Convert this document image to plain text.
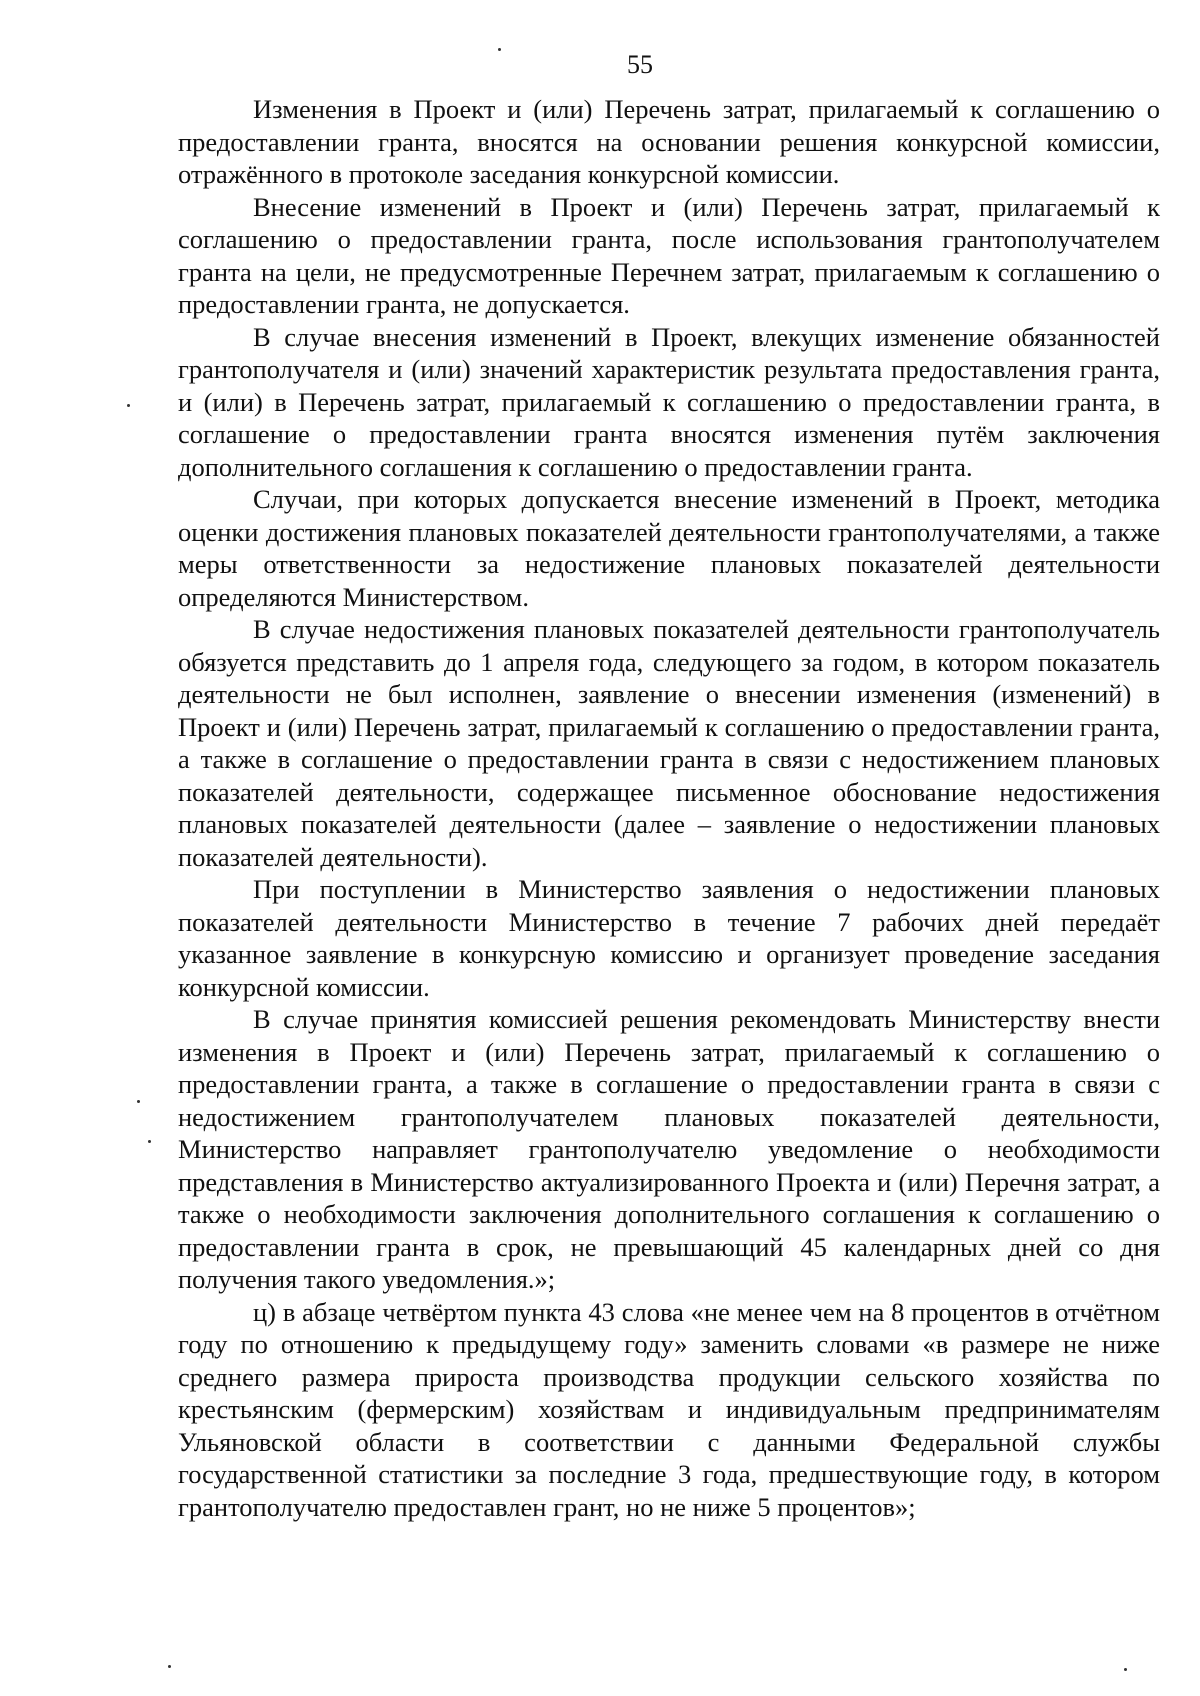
55

Изменения в Проект и (или) Перечень затрат, прилагаемый к соглашению о предоставлении гранта, вносятся на основании решения конкурсной комиссии, отражённого в протоколе заседания конкурсной комиссии.

Внесение изменений в Проект и (или) Перечень затрат, прилагаемый к соглашению о предоставлении гранта, после использования грантополучателем гранта на цели, не предусмотренные Перечнем затрат, прилагаемым к соглашению о предоставлении гранта, не допускается.

В случае внесения изменений в Проект, влекущих изменение обязанностей грантополучателя и (или) значений характеристик результата предоставления гранта, и (или) в Перечень затрат, прилагаемый к соглашению о предоставлении гранта, в соглашение о предоставлении гранта вносятся изменения путём заключения дополнительного соглашения к соглашению о предоставлении гранта.

Случаи, при которых допускается внесение изменений в Проект, методика оценки достижения плановых показателей деятельности грантополучателями, а также меры ответственности за недостижение плановых показателей деятельности определяются Министерством.

В случае недостижения плановых показателей деятельности грантополучатель обязуется представить до 1 апреля года, следующего за годом, в котором показатель деятельности не был исполнен, заявление о внесении изменения (изменений) в Проект и (или) Перечень затрат, прилагаемый к соглашению о предоставлении гранта, а также в соглашение о предоставлении гранта в связи с недостижением плановых показателей деятельности, содержащее письменное обоснование недостижения плановых показателей деятельности (далее – заявление о недостижении плановых показателей деятельности).

При поступлении в Министерство заявления о недостижении плановых показателей деятельности Министерство в течение 7 рабочих дней передаёт указанное заявление в конкурсную комиссию и организует проведение заседания конкурсной комиссии.

В случае принятия комиссией решения рекомендовать Министерству внести изменения в Проект и (или) Перечень затрат, прилагаемый к соглашению о предоставлении гранта, а также в соглашение о предоставлении гранта в связи с недостижением грантополучателем плановых показателей деятельности, Министерство направляет грантополучателю уведомление о необходимости представления в Министерство актуализированного Проекта и (или) Перечня затрат, а также о необходимости заключения дополнительного соглашения к соглашению о предоставлении гранта в срок, не превышающий 45 календарных дней со дня получения такого уведомления.»;

ц) в абзаце четвёртом пункта 43 слова «не менее чем на 8 процентов в отчётном году по отношению к предыдущему году» заменить словами «в размере не ниже среднего размера прироста производства продукции сельского хозяйства по крестьянским (фермерским) хозяйствам и индивидуальным предпринимателям Ульяновской области в соответствии с данными Федеральной службы государственной статистики за последние 3 года, предшествующие году, в котором грантополучателю предоставлен грант, но не ниже 5 процентов»;
